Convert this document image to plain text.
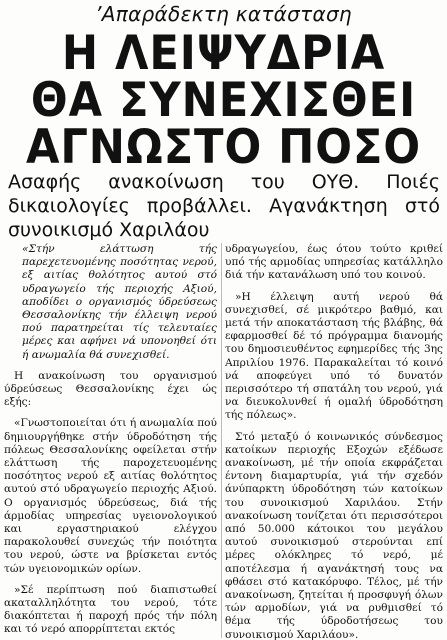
’Απαράδεκτη κατάσταση
Η ΛΕΙΨΥΔΡΙΑ
ΘΑ ΣΥΝΕΧΙΣΘΕΙ
ΑΓΝΩΣΤΟ ΠΟΣΟ
Ασαφής ανακοίνωση του ΟΥΘ. Ποιές δικαιολογίες προβάλλει. Αγανάκτηση στό συνοικισμό Χαριλάου

«Στήν ελάττωση τής παρεχετευομένης ποσότητας νερού, εξ αιτίας θολότητος αυτού στό υδραγωγείο τής περιοχής Αξιού, αποδίδει ο οργανισμός ύδρεύσεως Θεσσαλονίκης τήν έλλειψη νερού πού παρατηρείται τίς τελευταίες μέρες και αφήνει νά υπονοηθεί ότι ή ανωμαλία θά συνεχισθεί.

Η ανακοίνωση του οργανισμού ύδρεύσεως Θεσσαλονίκης έχει ώς εξής:

«Γνωστοποιείται ότι ή ανωμαλία πού δημιουργήθηκε στήν ύδροδότηση τής πόλεως Θεσσαλονίκης οφείλεται στήν ελάττωση τής παροχετευομένης ποσότητος νερού εξ αιτίας θολότητος αυτού στό υδραγωγείο περιοχής Αξιού. Ο οργανισμός ύδρεύσεως, διά τής άρμοδίας υπηρεσίας υγειονολογικού και εργαστηριακού ελέγχου παρακολουθεί συνεχώς τήν ποιότητα του νερού, ώστε να βρίσκεται εντός τών υγειονομικών ορίων.

»Σέ περίπτωση πού διαπιστωθεί ακαταλληλότητα του νερού, τότε διακόπτεται ή παροχή πρός τήν πόλη και τό νερό απορρίπτεται εκτός

υδραγωγείου, έως ότου τούτο κριθεί υπό τής αρμοδίας υπηρεσίας κατάλληλο διά τήν κατανάλωση υπό του κοινού.

»Η έλλειψη αυτή νερού θά συνεχισθεί, σέ μικρότερο βαθμό, και μετά τήν αποκατάσταση τής βλάβης, θά εφαρμοσθεί δέ τό πρόγραμμα διανομής του δημοσιευθέντος εφημερίδες τής 3ης Απριλίου 1976. Παρακαλείται τό κοινό νά αποφεύγει υπό τό δυνατόν περισσότερο τή σπατάλη του νερού, γιά να διευκολυνθεί ή ομαλή ύδροδότηση τής πόλεως».

Στό μεταξύ ό κοινωνικός σύνδεσμος κατοίκων περιοχής Εξοχών εξέδωσε ανακοίνωση, μέ τήν οποία εκφράζεται έντονη διαμαρτυρία, γιά τήν σχεδόν άνύπαρκτη ύδροδότηση τών κατοίκων του συνοικισμού Χαριλάου. Στήν ανακοίνωση τονίζεται ότι περισσότεροι από 50.000 κάτοικοι του μεγάλου αυτού συνοικισμού στερούνται επί μέρες ολόκληρες τό νερό, μέ αποτέλεσμα ή αγανάκτησή τους να φθάσει στό κατακόρυφο. Τέλος, μέ τήν ανακοίνωση, ζητείται ή προσφυγή όλων τών αρμοδίων, γιά να ρυθμισθεί τό θέμα τής ύδροδοτήσεως του συνοικισμού Χαριλάου».
